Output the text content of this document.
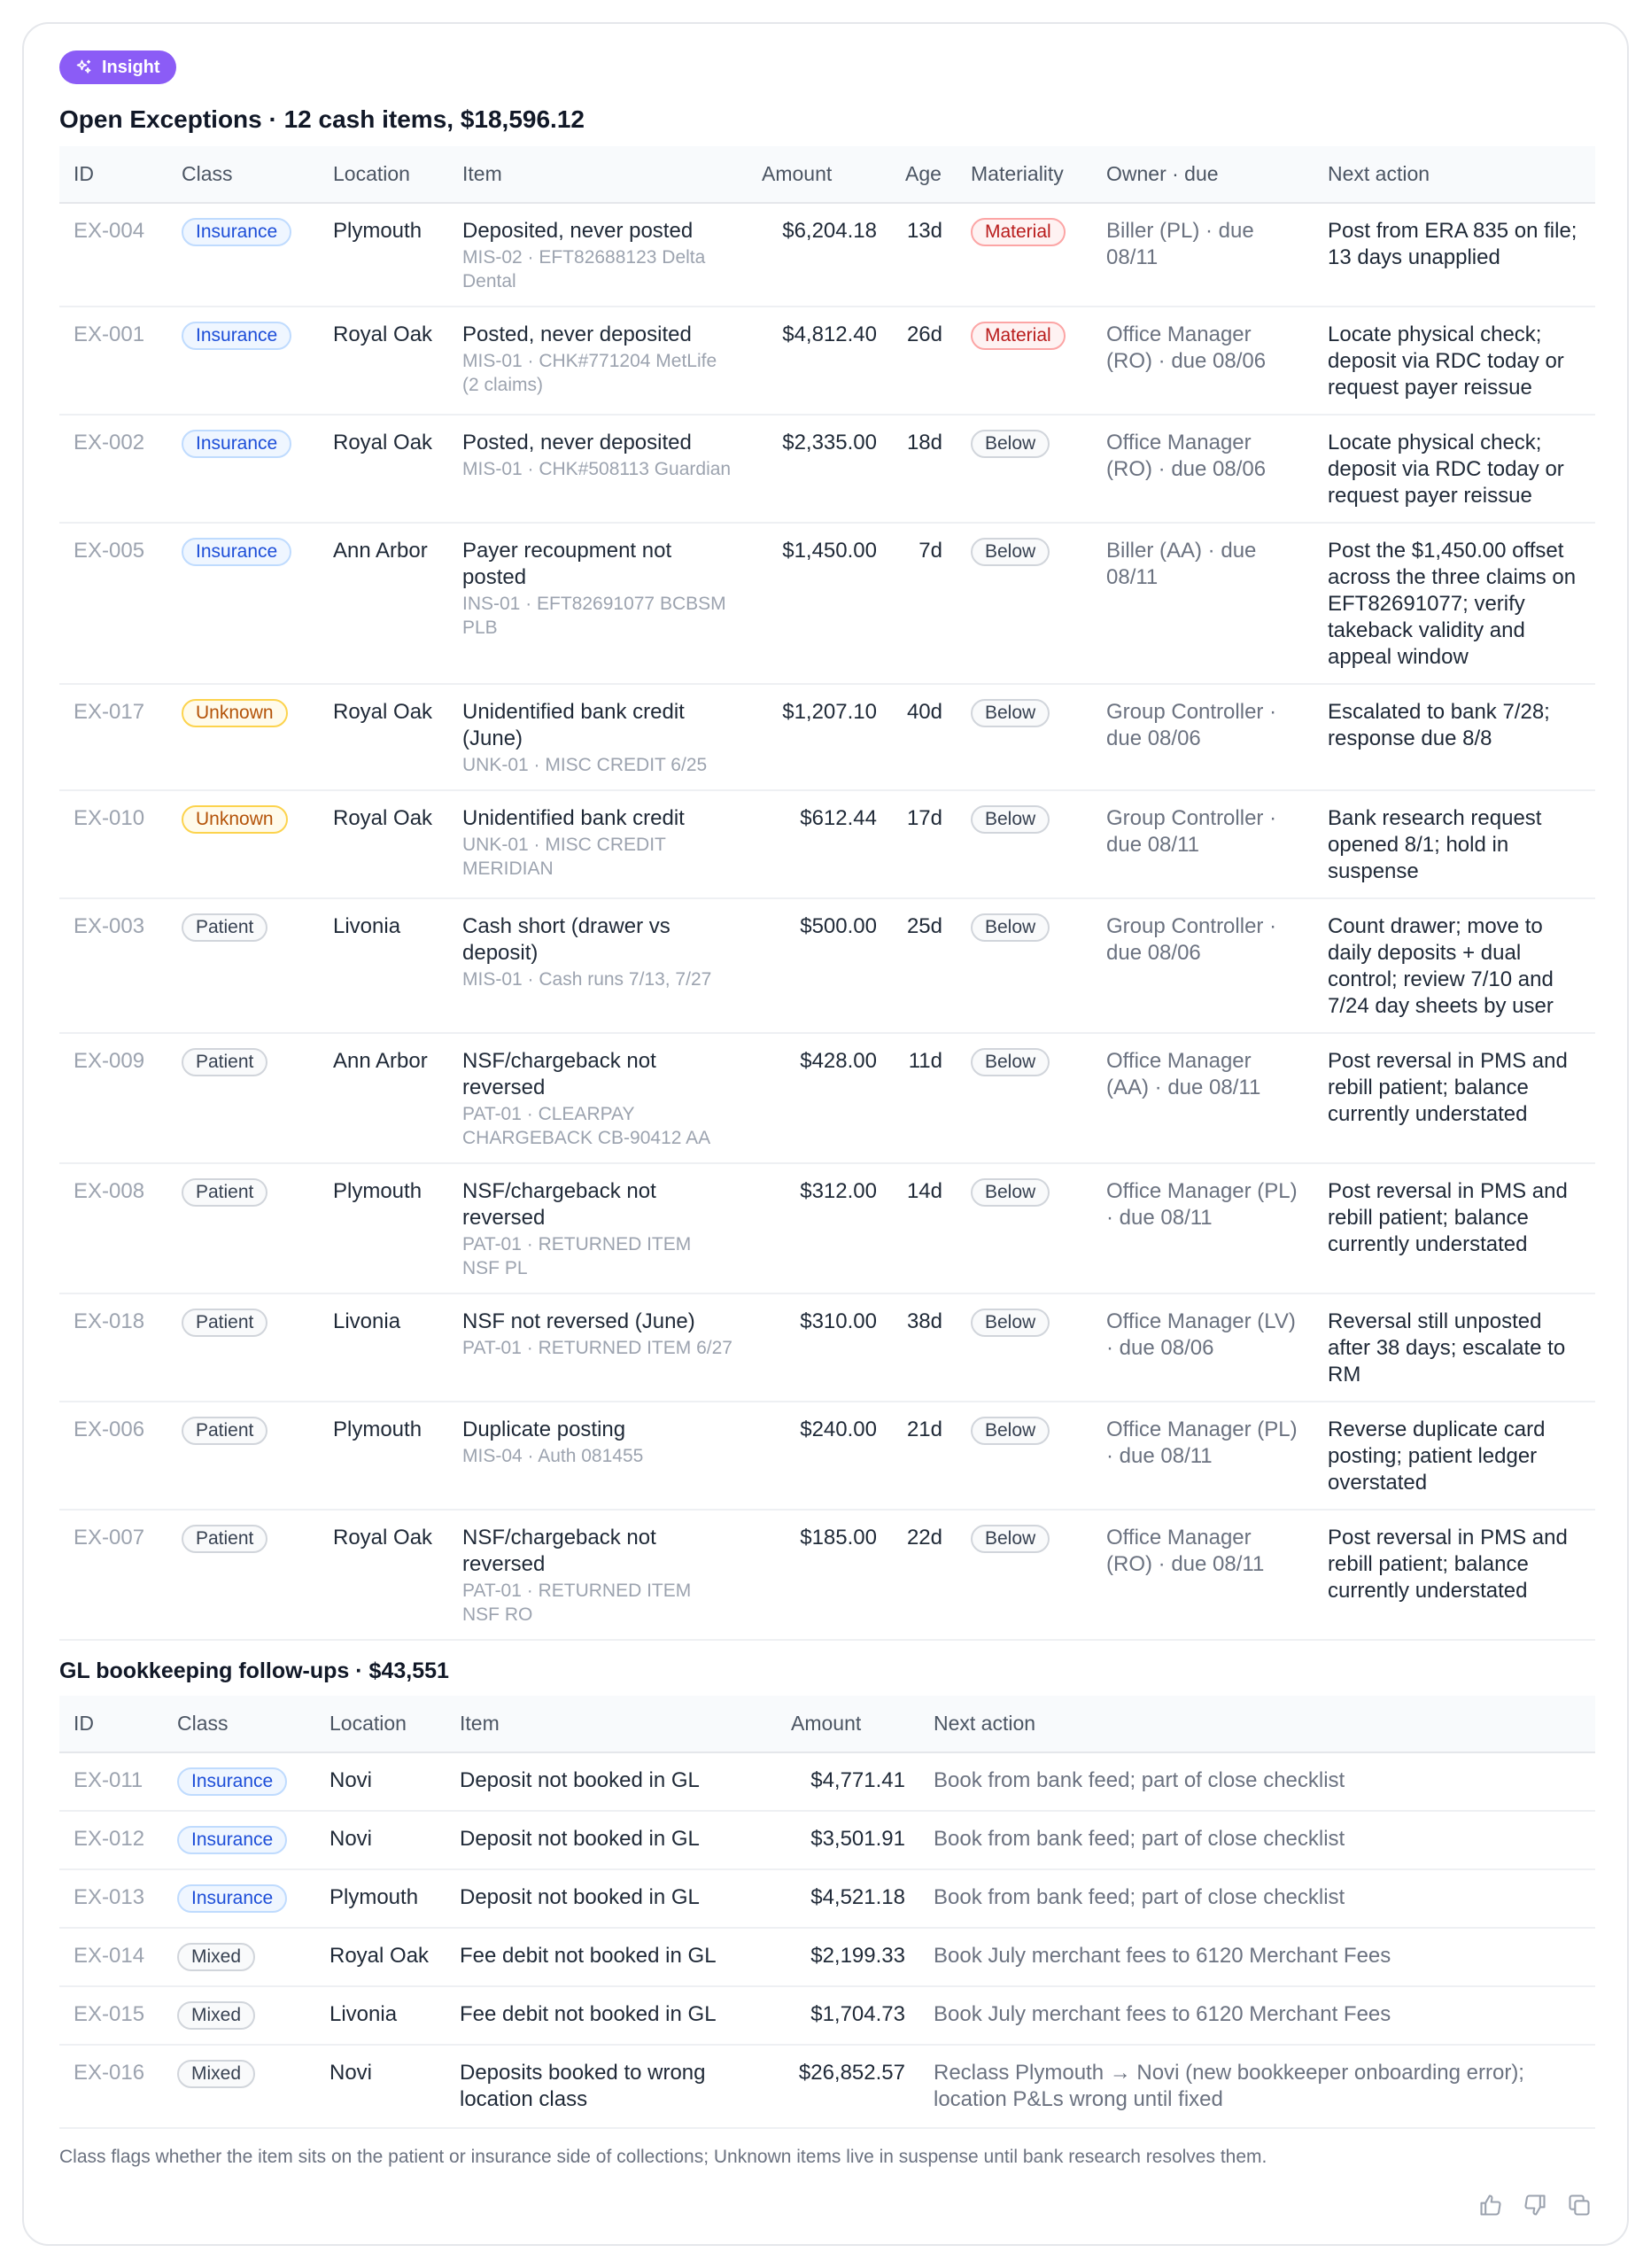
Insight
Open Exceptions · 12 cash items, $18,596.12
ID	Class	Location	Item	Amount	Age	Materiality	Owner · due	Next action
EX-004	Insurance	Plymouth	Deposited, never posted
MIS-02 · EFT82688123 Delta Dental	$6,204.18	13d	Material	Biller (PL) · due 08/11	Post from ERA 835 on file; 13 days unapplied
EX-001	Insurance	Royal Oak	Posted, never deposited
MIS-01 · CHK#771204 MetLife (2 claims)	$4,812.40	26d	Material	Office Manager (RO) · due 08/06	Locate physical check; deposit via RDC today or request payer reissue
EX-002	Insurance	Royal Oak	Posted, never deposited
MIS-01 · CHK#508113 Guardian	$2,335.00	18d	Below	Office Manager (RO) · due 08/06	Locate physical check; deposit via RDC today or request payer reissue
EX-005	Insurance	Ann Arbor	Payer recoupment not posted
INS-01 · EFT82691077 BCBSM PLB	$1,450.00	7d	Below	Biller (AA) · due 08/11	Post the $1,450.00 offset across the three claims on EFT82691077; verify takeback validity and appeal window
EX-017	Unknown	Royal Oak	Unidentified bank credit (June)
UNK-01 · MISC CREDIT 6/25	$1,207.10	40d	Below	Group Controller · due 08/06	Escalated to bank 7/28; response due 8/8
EX-010	Unknown	Royal Oak	Unidentified bank credit
UNK-01 · MISC CREDIT MERIDIAN	$612.44	17d	Below	Group Controller · due 08/11	Bank research request opened 8/1; hold in suspense
EX-003	Patient	Livonia	Cash short (drawer vs deposit)
MIS-01 · Cash runs 7/13, 7/27	$500.00	25d	Below	Group Controller · due 08/06	Count drawer; move to daily deposits + dual control; review 7/10 and 7/24 day sheets by user
EX-009	Patient	Ann Arbor	NSF/chargeback not reversed
PAT-01 · CLEARPAY CHARGEBACK CB-90412 AA	$428.00	11d	Below	Office Manager (AA) · due 08/11	Post reversal in PMS and rebill patient; balance currently understated
EX-008	Patient	Plymouth	NSF/chargeback not reversed
PAT-01 · RETURNED ITEM NSF PL	$312.00	14d	Below	Office Manager (PL) · due 08/11	Post reversal in PMS and rebill patient; balance currently understated
EX-018	Patient	Livonia	NSF not reversed (June)
PAT-01 · RETURNED ITEM 6/27	$310.00	38d	Below	Office Manager (LV) · due 08/06	Reversal still unposted after 38 days; escalate to RM
EX-006	Patient	Plymouth	Duplicate posting
MIS-04 · Auth 081455	$240.00	21d	Below	Office Manager (PL) · due 08/11	Reverse duplicate card posting; patient ledger overstated
EX-007	Patient	Royal Oak	NSF/chargeback not reversed
PAT-01 · RETURNED ITEM NSF RO	$185.00	22d	Below	Office Manager (RO) · due 08/11	Post reversal in PMS and rebill patient; balance currently understated
GL bookkeeping follow-ups · $43,551
ID	Class	Location	Item	Amount	Next action
EX-011	Insurance	Novi	Deposit not booked in GL	$4,771.41	Book from bank feed; part of close checklist
EX-012	Insurance	Novi	Deposit not booked in GL	$3,501.91	Book from bank feed; part of close checklist
EX-013	Insurance	Plymouth	Deposit not booked in GL	$4,521.18	Book from bank feed; part of close checklist
EX-014	Mixed	Royal Oak	Fee debit not booked in GL	$2,199.33	Book July merchant fees to 6120 Merchant Fees
EX-015	Mixed	Livonia	Fee debit not booked in GL	$1,704.73	Book July merchant fees to 6120 Merchant Fees
EX-016	Mixed	Novi	Deposits booked to wrong location class	$26,852.57	Reclass Plymouth → Novi (new bookkeeper onboarding error); location P&Ls wrong until fixed
Class flags whether the item sits on the patient or insurance side of collections; Unknown items live in suspense until bank research resolves them.
